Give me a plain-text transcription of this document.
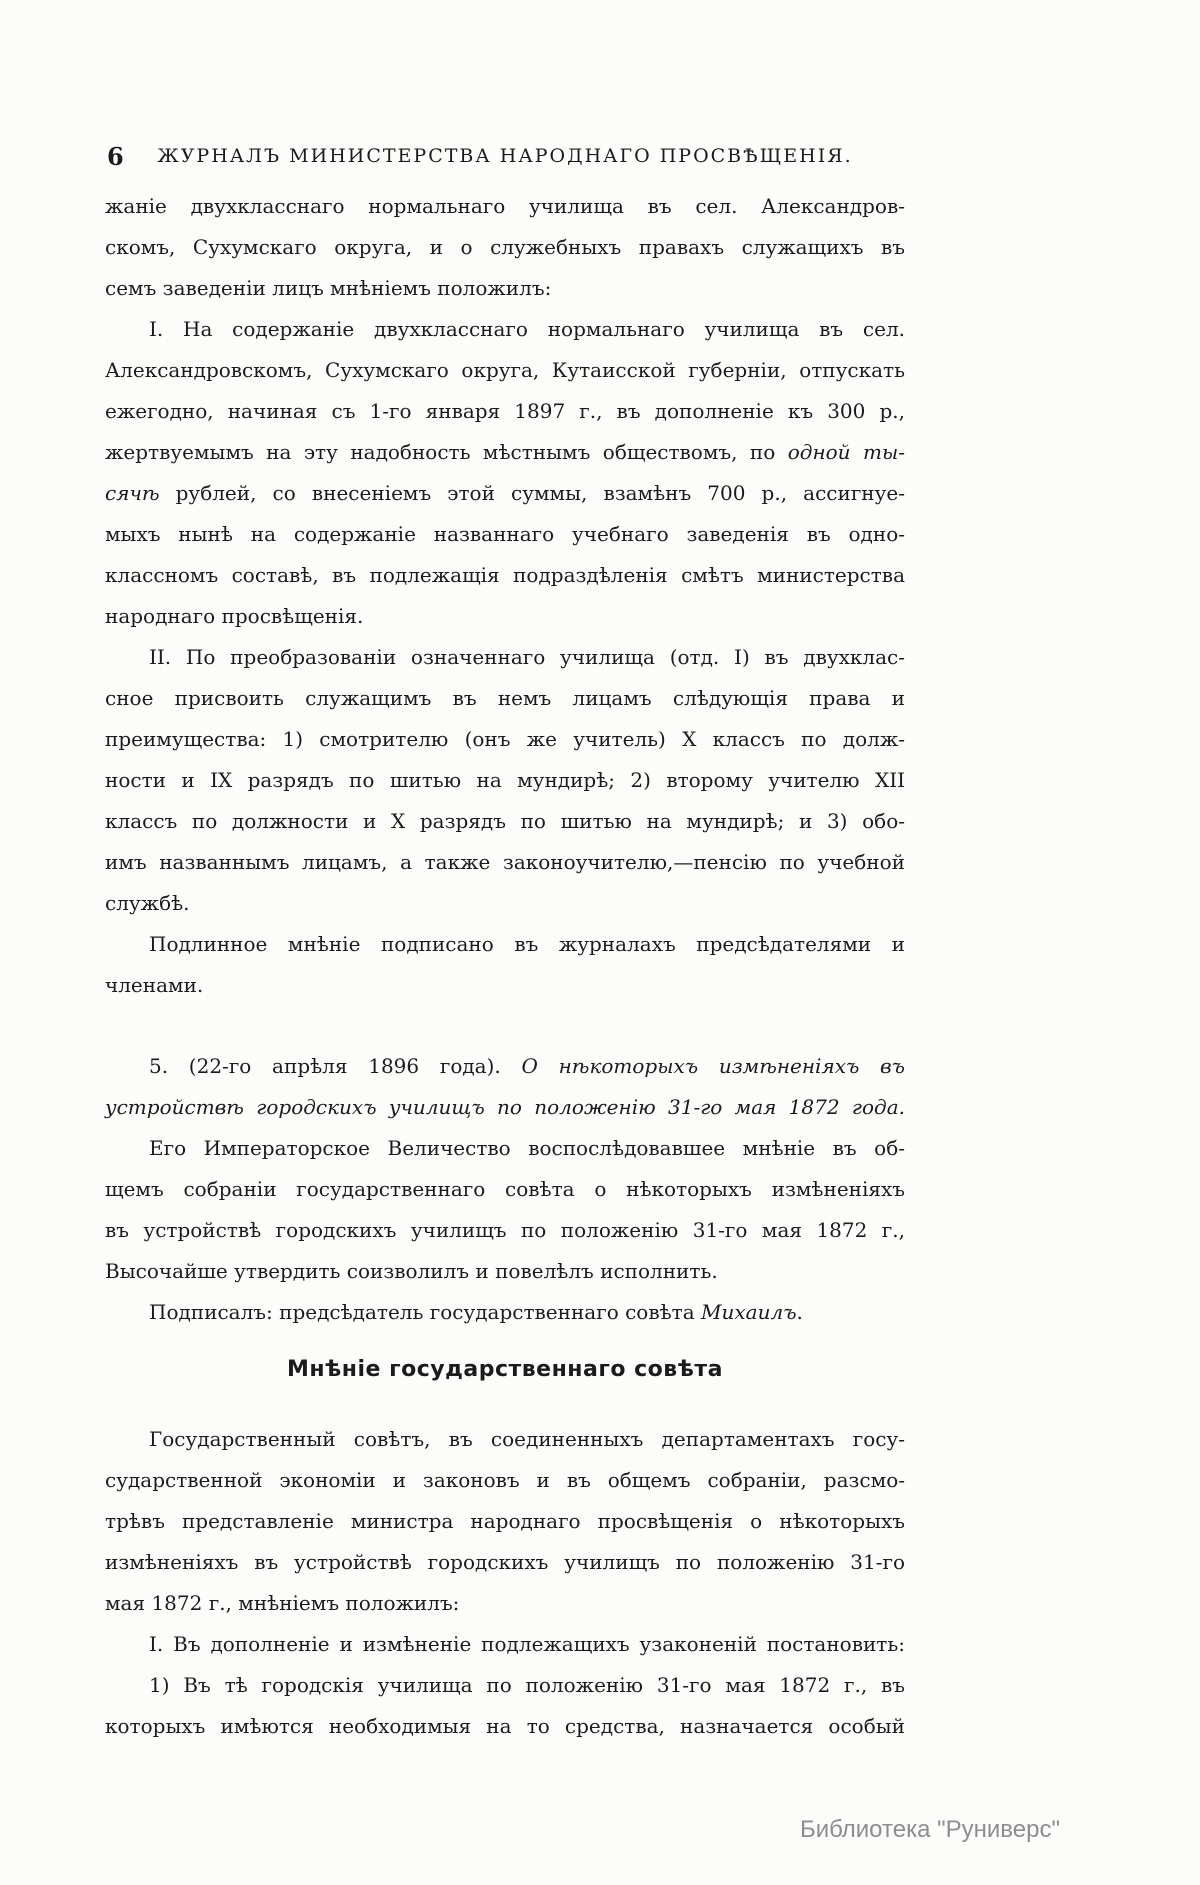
6	ЖУРНАЛЪ МИНИСТЕРСТВА НАРОДНАГО ПРОСВѢЩЕНІЯ.
жаніе двухкласснаго нормальнаго училища въ сел. Александров-
скомъ, Сухумскаго округа, и о служебныхъ правахъ служащихъ въ
семъ заведеніи лицъ мнѣніемъ положилъ:
I. На содержаніе двухкласснаго нормальнаго училища въ сел.
Александровскомъ, Сухумскаго округа, Кутаисской губерніи, отпускать
ежегодно, начиная съ 1-го января 1897 г., въ дополненіе къ 300 р.,
жертвуемымъ на эту надобность мѣстнымъ обществомъ, по одной ты-
сячѣ рублей, со внесеніемъ этой суммы, взамѣнъ 700 р., ассигнуе-
мыхъ нынѣ на содержаніе названнаго учебнаго заведенія въ одно-
классномъ составѣ, въ подлежащія подраздѣленія смѣтъ министерства
народнаго просвѣщенія.
II. По преобразованіи означеннаго училища (отд. I) въ двухклас-
сное присвоить служащимъ въ немъ лицамъ слѣдующія права и
преимущества: 1) смотрителю (онъ же учитель) X классъ по долж-
ности и IX разрядъ по шитью на мундирѣ; 2) второму учителю XII
классъ по должности и X разрядъ по шитью на мундирѣ; и 3) обо-
имъ названнымъ лицамъ, а также законоучителю,—пенсію по учебной
службѣ.
Подлинное мнѣніе подписано въ журналахъ предсѣдателями и
членами.
5. (22-го апрѣля 1896 года). О нѣкоторыхъ измѣненіяхъ въ
устройствѣ городскихъ училищъ по положенію 31-го мая 1872 года.
Его Императорское Величество воспослѣдовавшее мнѣніе въ об-
щемъ собраніи государственнаго совѣта о нѣкоторыхъ измѣненіяхъ
въ устройствѣ городскихъ училищъ по положенію 31-го мая 1872 г.,
Высочайше утвердить соизволилъ и повелѣлъ исполнить.
Подписалъ: предсѣдатель государственнаго совѣта Михаилъ.
Мнѣніе государственнаго совѣта
Государственный совѣтъ, въ соединенныхъ департаментахъ госу-
сударственной экономіи и законовъ и въ общемъ собраніи, разсмо-
трѣвъ представленіе министра народнаго просвѣщенія о нѣкоторыхъ
измѣненіяхъ въ устройствѣ городскихъ училищъ по положенію 31-го
мая 1872 г., мнѣніемъ положилъ:
I. Въ дополненіе и измѣненіе подлежащихъ узаконеній постановить:
1) Въ тѣ городскія училища по положенію 31-го мая 1872 г., въ
которыхъ имѣются необходимыя на то средства, назначается особый
Библиотека "Руниверс"
